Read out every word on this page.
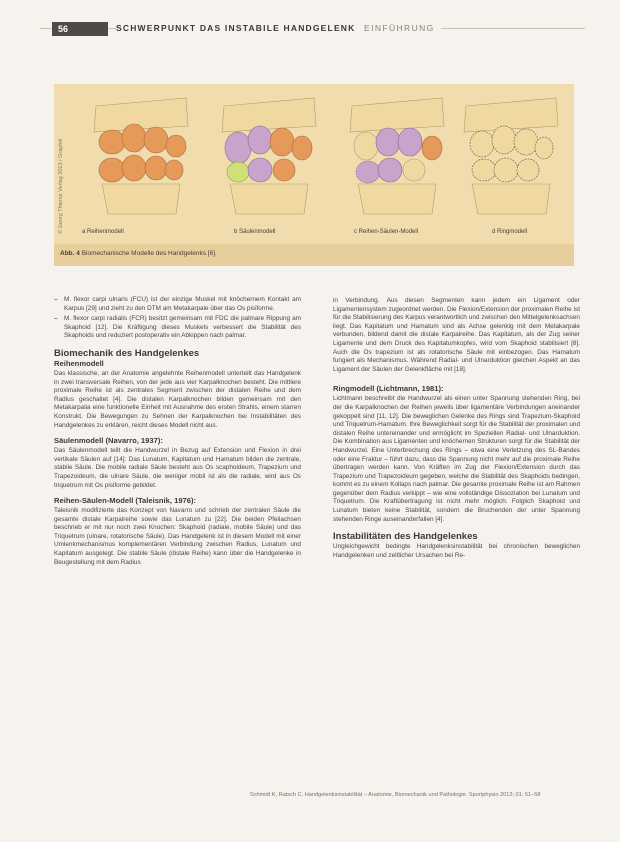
56	SCHWERPUNKT DAS INSTABILE HANDGELENK	EINFÜHRUNG
© Georg Thieme Verlag 2013 / Graphik	a Reihenmodell	b Säulenmodell	c Reihen-Säulen-Modell	d Ringmodell
Abb. 4 Biomechanische Modelle des Handgelenks [6].
– M. flexor carpi ulnaris (FCU) ist der einzige Muskel mit knöchernem Kontakt am Karpus [29] und zieht zu den DTM am Metakarpale über das Os pisiforme.
– M. flexor carpi radialis (FCR) besitzt gemeinsam mit FDC die palmare Rippung am Skaphoid [12]. Die Kräftigung dieses Muskels verbessert die Stabilität des Skaphoids und reduziert postoperativ ein Abkippen nach palmar.
Biomechanik des Handgelenkes
Reihenmodell
Das klassische, an der Anatomie angelehnte Reihenmodell unterteilt das Handgelenk in zwei transversale Reihen, von der jede aus vier Karpalknochen besteht. Die mittlere proximale Reihe ist als zentrales Segment zwischen der distalen Reihe und dem Radius geschaltet [4]. Die distalen Karpalknochen bilden gemeinsam mit den Metakarpalia eine funktionelle Einheit mit Ausnahme des ersten Strahls, einem starren Konstrukt. Die Bewegungen zu Sehnen der Karpalknochen bei Instabilitäten des Handgelenkes zu erklären, reicht dieses Modell nicht aus.
Säulenmodell (Navarro, 1937):
Das Säulenmodell teilt die Handwurzel in Bezug auf Extension und Flexion in drei vertikale Säulen auf [14]: Das Lunatum, Kapitatum und Hamatum bilden die zentrale, stabile Säule. Die mobile radiale Säule besteht aus Os scaphoideum, Trapezium und Trapezoideum, die ulnare Säule, die weniger mobil ist als die radiale, wird aus Os triquetrum mit Os pisiforme gebildet.
Reihen-Säulen-Modell (Taleisnik, 1976):
Taleisnik modifizierte das Konzept von Navarro und schrieb der zentralen Säule die gesamte distale Karpalreihe sowie das Lunatum zu [22]. Die beiden Pfeilachsen beschrieb er mit nur noch zwei Knochen: Skaphoid (radiale, mobile Säule) und das Triquetrum (ulnare, rotatorische Säule). Das Handgelenk ist in diesem Modell mit einer Umlenkmechanismus komplementären Verbindung zwischen Radius, Lunatum und Kapitatum ausgelegt. Die stabile Säule (distale Reihe) kann über die Handgelenke in Beugestellung mit dem Radius
in Verbindung. Aus diesen Segmenten kann jedem ein Ligament oder Ligamentensystem zugeordnet werden. Die Flexion/Extension der proximalen Reihe ist für die Stabilisierung des Karpus verantwortlich und zwischen den Mittelgelenksachsen liegt. Das Kapitatum und Hamatum sind als Achse gelenkig mit dem Metakarpale verbunden, bildend damit die distale Karpalreihe. Das Kapitatum, als der Zug seiner Ligamente und dem Druck des Kapitatumkopfes, wird vom Skaphoid stabilisiert [8]. Auch die Os trapezium ist als rotatorische Säule mit einbezogen. Das Hamatum fungiert als Mechanismus. Während Radial- und Ulnarduktion gleichen Aspekt an das Ligament der Säulen der Gelenkfläche mit [18].
Ringmodell (Lichtmann, 1981):
Lichtmann beschreibt die Handwurzel als einen unter Spannung stehenden Ring, bei der die Karpalknochen der Reihen jeweils über ligamentäre Verbindungen aneinander gekoppelt sind [11, 12]. Die beweglichen Gelenke des Rings sind Trapezium-Skaphoid und Triquetrum-Hamatum. Ihre Beweglichkeit sorgt für die Stabilität der proximalen und distalen Reihe untereinander und ermöglicht im Speziellen Radial- und Ulnarduktion. Die Kombination aus Ligamenten und knöchernen Strukturen sorgt für die Stabilität der Handwurzel. Eine Unterbrechung des Rings – etwa eine Verletzung des SL-Bandes oder eine Fraktur – führt dazu, dass die Spannung nicht mehr auf die proximale Reihe übertragen werden kann. Von Kräften im Zug der Flexion/Extension durch das Trapezium und Trapezoideum gegeben, welche die Stabilität des Skaphoids bedingen, kommt es zu einem Kollaps nach palmar. Die gesamte proximale Reihe ist am Rahmen gegenüber dem Radius verkippt – wie eine vollständige Dissoziation bei Lunatum und Triquetrum. Die Kraftübertragung ist nicht mehr möglich. Folglich Skaphoid und Lunatum bieten keine Stabilität, sondern die Bruchenden der unter Spannung stehenden Ringe auseinanderfallen [4].
Instabilitäten des Handgelenkes
Ungleichgewicht bedingte Handgelenksinstabilität bei chronischen beweglichen Handgelenken und zeitlicher Ursachen bei Re-
Schmidt K, Ratsch C. Handgelenksinstabilität – Anatomie, Biomechanik und Pathologie. Sportphysio 2013; 01: 51–58
